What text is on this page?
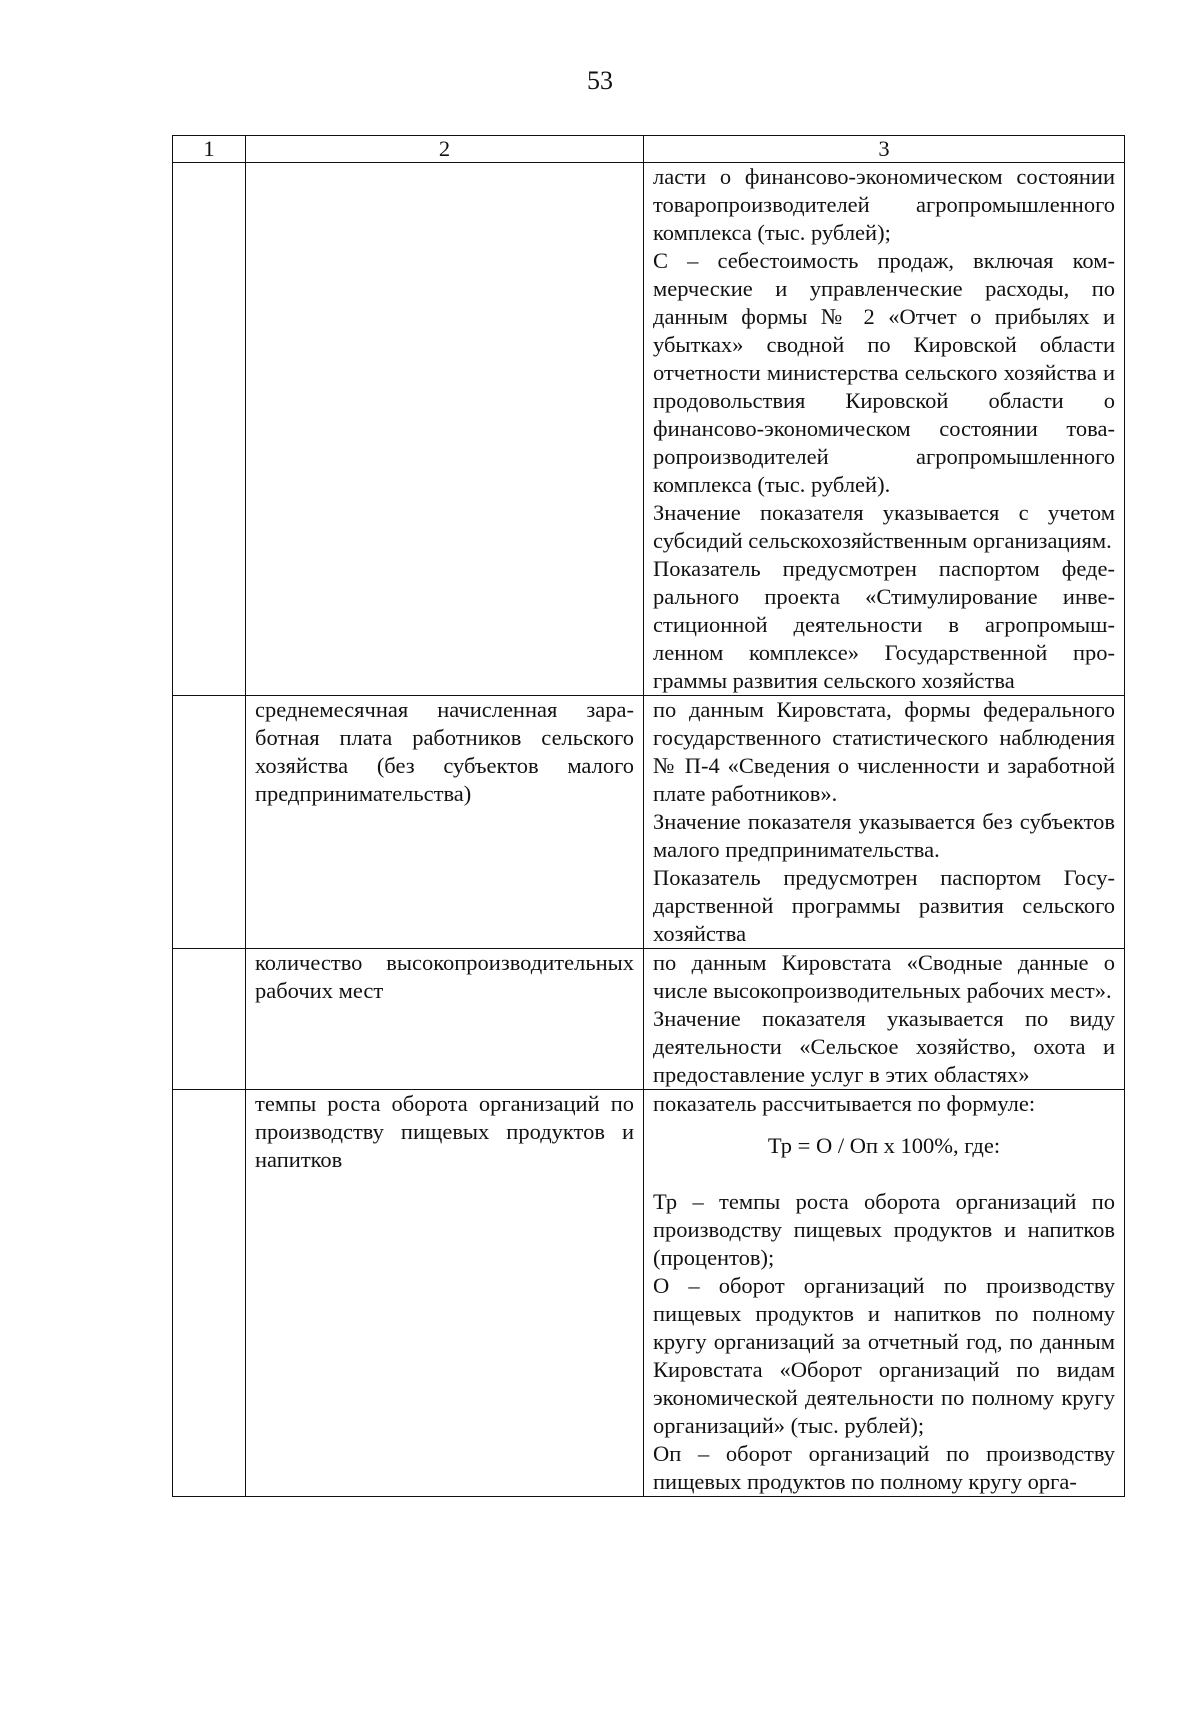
53
1	2	3

		ласти о финансово-экономическом состоянии товаропроизводителей агропромышленного комплекса (тыс. рублей);

С – себестоимость продаж, включая коммерческие и управленческие расходы, по данным формы № 2 «Отчет о прибылях и убытках» сводной по Кировской области отчетности министерства сельского хозяйства и продовольствия Кировской области о финансово-экономическом состоянии товаропроизводителей агропромышленного комплекса (тыс. рублей).

Значение показателя указывается с учетом субсидий сельскохозяйственным организациям.

Показатель предусмотрен паспортом федерального проекта «Стимулирование инвестиционной деятельности в агропромышленном комплексе» Государственной программы развития сельского хозяйства

	среднемесячная начисленная заработная плата работников сельского хозяйства (без субъектов малого предпринимательства)	по данным Кировстата, формы федерального государственного статистического наблюдения № П-4 «Сведения о численности и заработной плате работников».

Значение показателя указывается без субъектов малого предпринимательства.

Показатель предусмотрен паспортом Государственной программы развития сельского хозяйства

	количество высокопроизводительных рабочих мест	по данным Кировстата «Сводные данные о числе высокопроизводительных рабочих мест».

Значение показателя указывается по виду деятельности «Сельское хозяйство, охота и предоставление услуг в этих областях»

	темпы роста оборота организаций по производству пищевых продуктов и напитков	показатель рассчитывается по формуле:

Тр = О / Оп х 100%, где:

Тр – темпы роста оборота организаций по производству пищевых продуктов и напитков (процентов);

О – оборот организаций по производству пищевых продуктов и напитков по полному кругу организаций за отчетный год, по данным Кировстата «Оборот организаций по видам экономической деятельности по полному кругу организаций» (тыс. рублей);

Оп – оборот организаций по производству пищевых продуктов по полному кругу орга-
